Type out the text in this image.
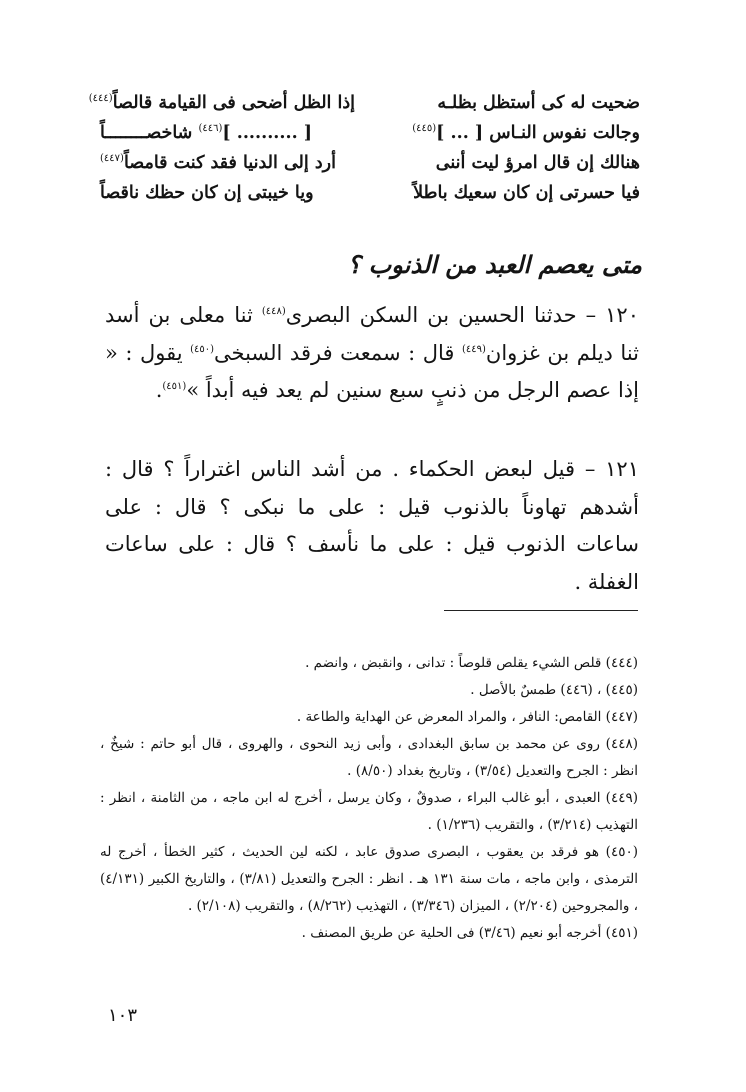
ضحيت له كى أستظل بظلـه
إذا الظل أضحى فى القيامة قالصاً$^{(٤٤٤)}$
وجالت نفوس النـاس [ ... ]$^{(٤٤٥)}$
[ .......... ]$^{(٤٤٦)}$ شاخصــــــــاً
هنالك إن قال امرؤ ليت أننى
أرد إلى الدنيا فقد كنت قامصاً$^{(٤٤٧)}$
فيا حسرتى إن كان سعيك باطلاً
ويا خيبتى إن كان حظك ناقصاً
متى يعصم العبد من الذنوب ؟
١٢٠ – حدثنا الحسين بن السكن البصرى$^{(٤٤٨)}$ ثنا معلى بن أسد ثنا ديلم بن غزوان$^{(٤٤٩)}$ قال : سمعت فرقد السبخى$^{(٤٥٠)}$ يقول : « إذا عصم الرجل من ذنبٍ سبع سنين لم يعد فيه أبداً »$^{(٤٥١)}$.
١٢١ – قيل لبعض الحكماء . من أشد الناس اغتراراً ؟ قال : أشدهم تهاوناً بالذنوب قيل : على ما نبكى ؟ قال : على ساعات الذنوب قيل : على ما نأسف ؟ قال : على ساعات الغفلة .
(٤٤٤) قلص الشيء يقلص قلوصاً : تدانى ، وانقبض ، وانضم .
(٤٤٥) ، (٤٤٦) طمسٌ بالأصل .
(٤٤٧) القامص: النافر ، والمراد المعرض عن الهداية والطاعة .
(٤٤٨) روى عن محمد بن سابق البغدادى ، وأبى زيد النحوى ، والهروى ، قال أبو حاتم : شيخٌ ، انظر : الجرح والتعديل (٣/٥٤) ، وتاريخ بغداد (٨/٥٠) .
(٤٤٩) العبدى ، أبو غالب البراء ، صدوقٌ ، وكان يرسل ، أخرج له ابن ماجه ، من الثامنة ، انظر : التهذيب (٣/٢١٤) ، والتقريب (١/٢٣٦) .
(٤٥٠) هو فرقد بن يعقوب ، البصرى صدوق عابد ، لكنه لين الحديث ، كثير الخطأ ، أخرج له الترمذى ، وابن ماجه ، مات سنة ١٣١ هـ . انظر : الجرح والتعديل (٣/٨١) ، والتاريخ الكبير (٤/١٣١) ، والمجروحين (٢/٢٠٤) ، الميزان (٣/٣٤٦) ، التهذيب (٨/٢٦٢) ، والتقريب (٢/١٠٨) .
(٤٥١) أخرجه أبو نعيم (٣/٤٦) فى الحلية عن طريق المصنف .
١٠٣
